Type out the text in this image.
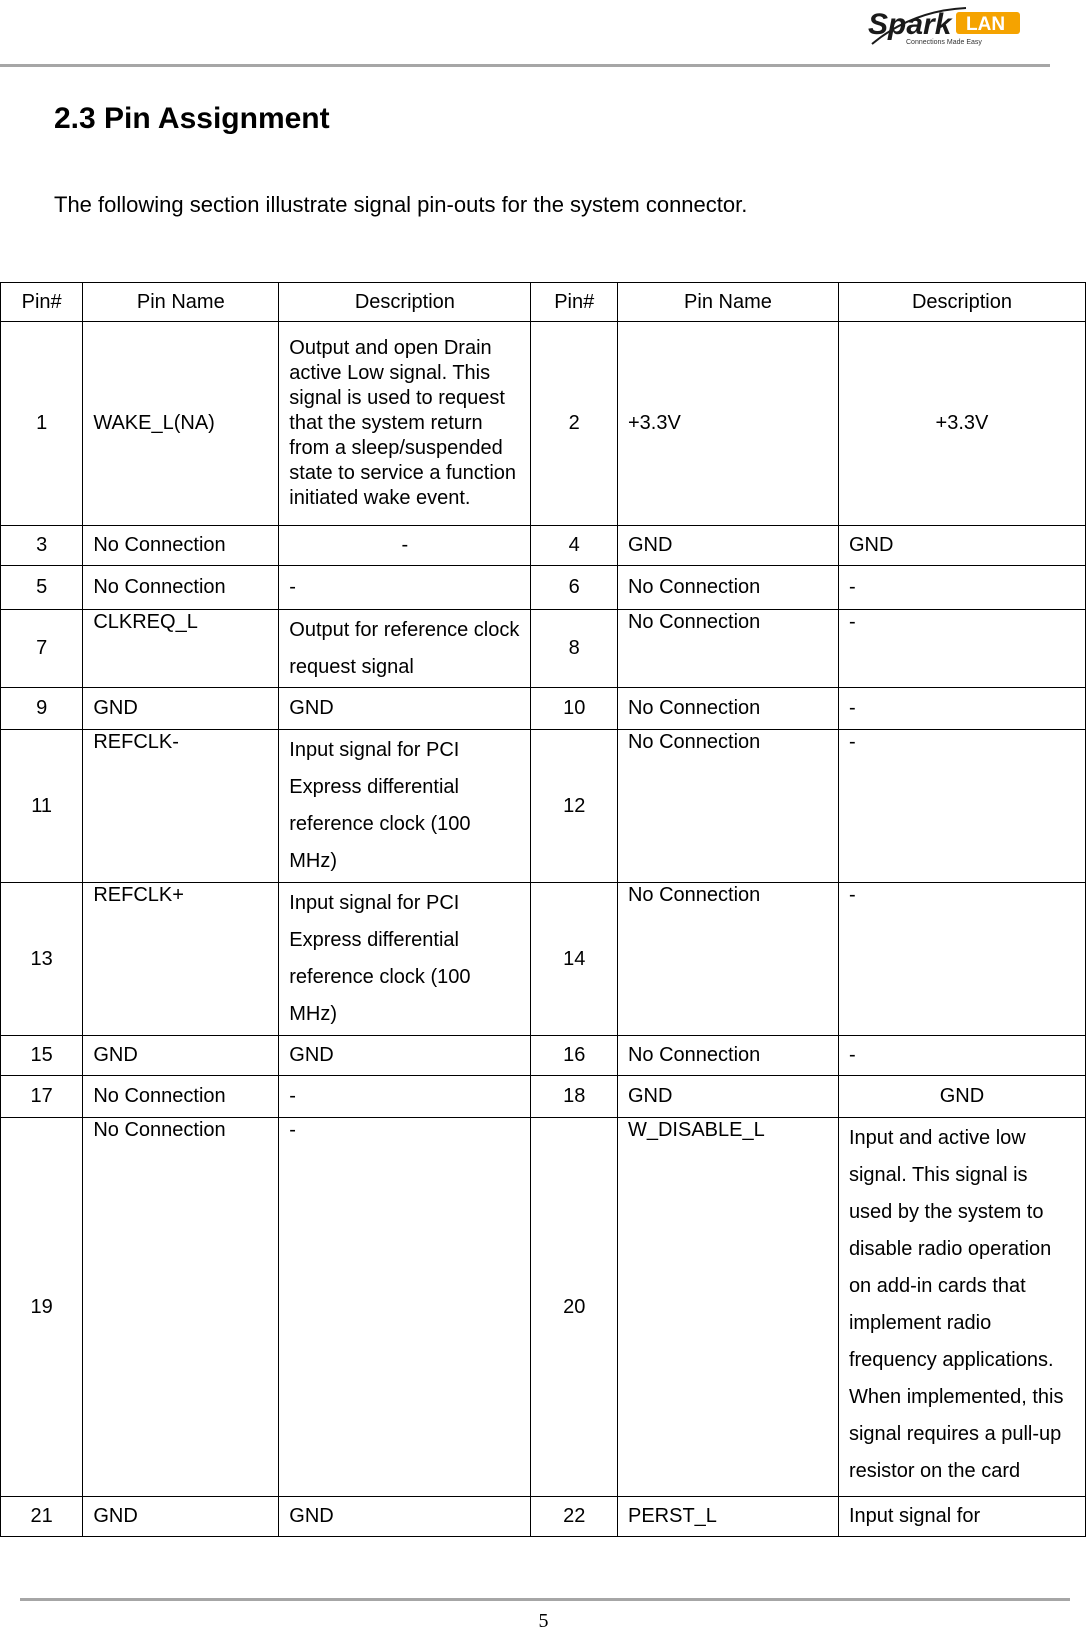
Spark LAN
Connections Made Easy
2.3 Pin Assignment
The following section illustrate signal pin-outs for the system connector.
Pin#	Pin Name	Description	Pin#	Pin Name	Description
1	WAKE_L(NA)	Output and open Drain active Low signal. This signal is used to request that the system return from a sleep/suspended state to service a function initiated wake event.	2	+3.3V	+3.3V
3	No Connection	-	4	GND	GND
5	No Connection	-	6	No Connection	-
7	CLKREQ_L	Output for reference clock request signal	8	No Connection	-
9	GND	GND	10	No Connection	-
11	REFCLK-	Input signal for PCI Express differential reference clock (100 MHz)	12	No Connection	-
13	REFCLK+	Input signal for PCI Express differential reference clock (100 MHz)	14	No Connection	-
15	GND	GND	16	No Connection	-
17	No Connection	-	18	GND	GND
19	No Connection	-	20	W_DISABLE_L	Input and active low signal. This signal is used by the system to disable radio operation on add-in cards that implement radio frequency applications. When implemented, this signal requires a pull-up resistor on the card
21	GND	GND	22	PERST_L	Input signal for
5
